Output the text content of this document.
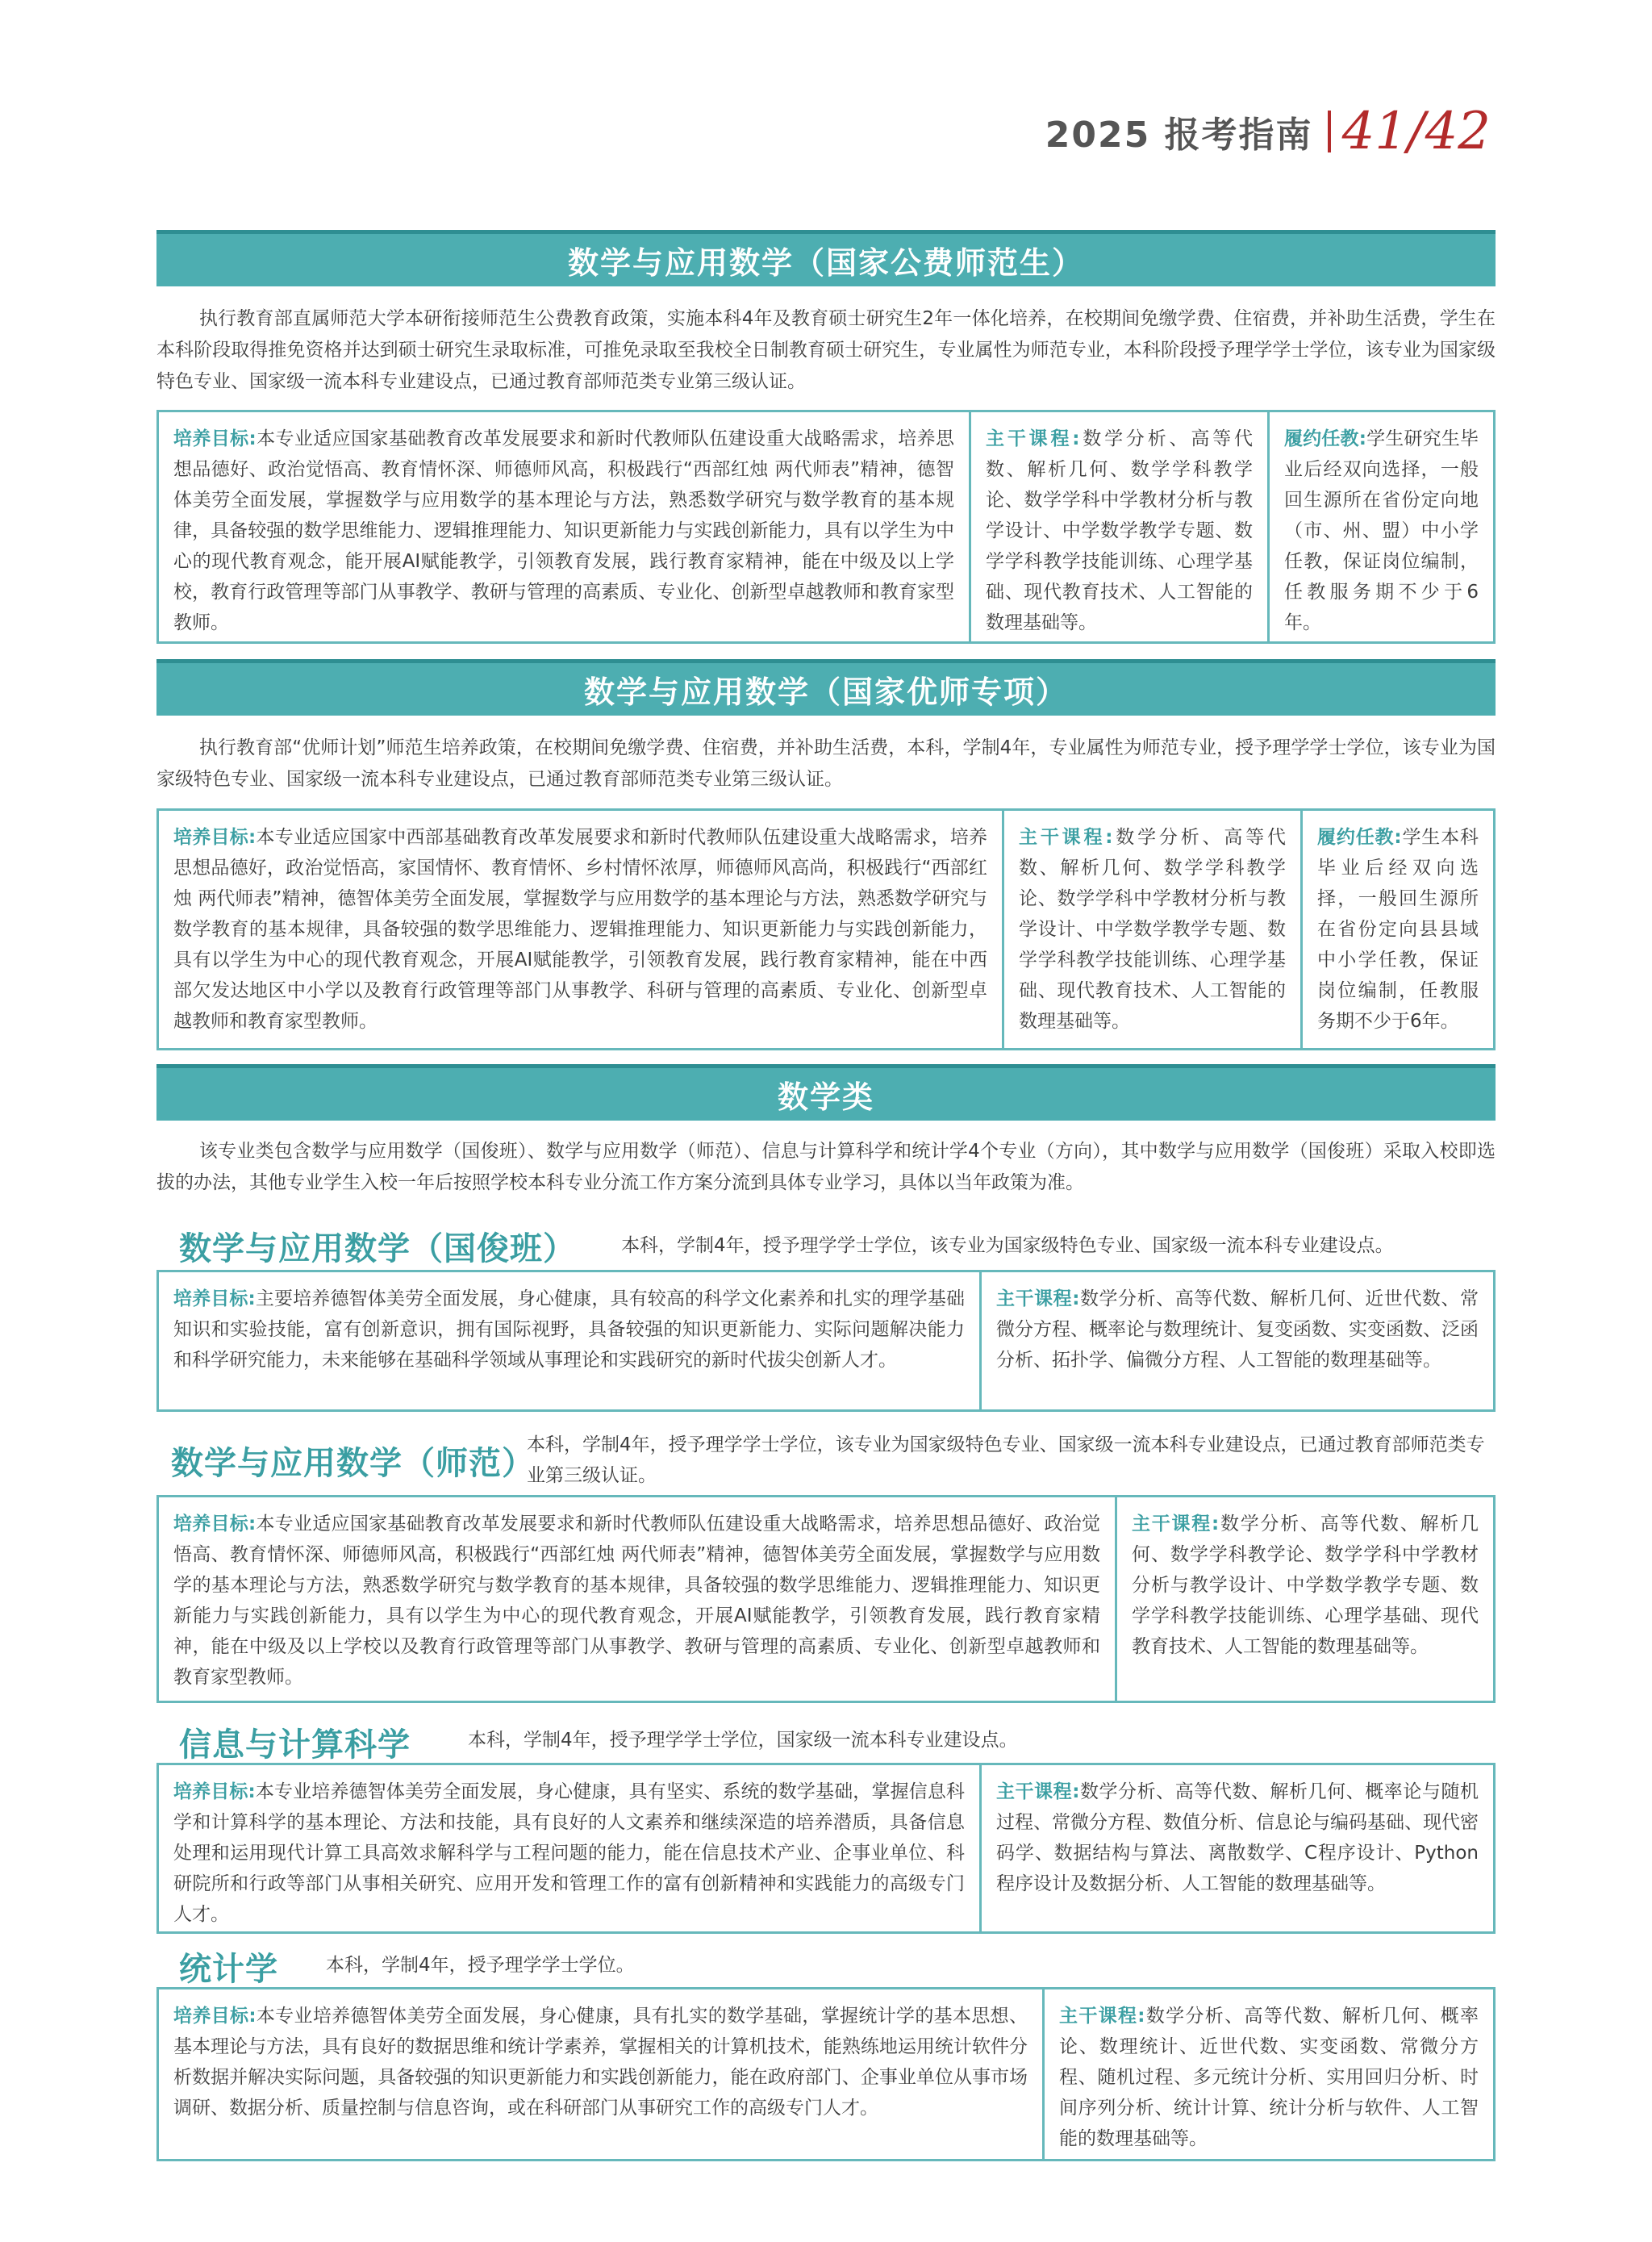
2025 报考指南 41/42
数学与应用数学（国家公费师范生）
执行教育部直属师范大学本研衔接师范生公费教育政策，实施本科4年及教育硕士研究生2年一体化培养，在校期间免缴学费、住宿费，并补助生活费，学生在本科阶段取得推免资格并达到硕士研究生录取标准，可推免录取至我校全日制教育硕士研究生，专业属性为师范专业，本科阶段授予理学学士学位，该专业为国家级特色专业、国家级一流本科专业建设点，已通过教育部师范类专业第三级认证。
培养目标:本专业适应国家基础教育改革发展要求和新时代教师队伍建设重大战略需求，培养思想品德好、政治觉悟高、教育情怀深、师德师风高，积极践行“西部红烛 两代师表”精神，德智体美劳全面发展，掌握数学与应用数学的基本理论与方法，熟悉数学研究与数学教育的基本规律，具备较强的数学思维能力、逻辑推理能力、知识更新能力与实践创新能力，具有以学生为中心的现代教育观念，能开展AI赋能教学，引领教育发展，践行教育家精神，能在中级及以上学校，教育行政管理等部门从事教学、教研与管理的高素质、专业化、创新型卓越教师和教育家型教师。
主干课程:数学分析、高等代数、解析几何、数学学科教学论、数学学科中学教材分析与教学设计、中学数学教学专题、数学学科教学技能训练、心理学基础、现代教育技术、人工智能的数理基础等。
履约任教:学生研究生毕业后经双向选择，一般回生源所在省份定向地（市、州、盟）中小学任教，保证岗位编制，任教服务期不少于6年。
数学与应用数学（国家优师专项）
执行教育部“优师计划”师范生培养政策，在校期间免缴学费、住宿费，并补助生活费，本科，学制4年，专业属性为师范专业，授予理学学士学位，该专业为国家级特色专业、国家级一流本科专业建设点，已通过教育部师范类专业第三级认证。
培养目标:本专业适应国家中西部基础教育改革发展要求和新时代教师队伍建设重大战略需求，培养思想品德好，政治觉悟高，家国情怀、教育情怀、乡村情怀浓厚，师德师风高尚，积极践行“西部红烛 两代师表”精神，德智体美劳全面发展，掌握数学与应用数学的基本理论与方法，熟悉数学研究与数学教育的基本规律，具备较强的数学思维能力、逻辑推理能力、知识更新能力与实践创新能力，具有以学生为中心的现代教育观念，开展AI赋能教学，引领教育发展，践行教育家精神，能在中西部欠发达地区中小学以及教育行政管理等部门从事教学、科研与管理的高素质、专业化、创新型卓越教师和教育家型教师。
主干课程:数学分析、高等代数、解析几何、数学学科教学论、数学学科中学教材分析与教学设计、中学数学教学专题、数学学科教学技能训练、心理学基础、现代教育技术、人工智能的数理基础等。
履约任教:学生本科毕业后经双向选择，一般回生源所在省份定向县县域中小学任教，保证岗位编制，任教服务期不少于6年。
数学类
该专业类包含数学与应用数学（国俊班）、数学与应用数学（师范）、信息与计算科学和统计学4个专业（方向），其中数学与应用数学（国俊班）采取入校即选拔的办法，其他专业学生入校一年后按照学校本科专业分流工作方案分流到具体专业学习，具体以当年政策为准。
数学与应用数学（国俊班） 本科，学制4年，授予理学学士学位，该专业为国家级特色专业、国家级一流本科专业建设点。
培养目标:主要培养德智体美劳全面发展，身心健康，具有较高的科学文化素养和扎实的理学基础知识和实验技能，富有创新意识，拥有国际视野，具备较强的知识更新能力、实际问题解决能力和科学研究能力，未来能够在基础科学领域从事理论和实践研究的新时代拔尖创新人才。
主干课程:数学分析、高等代数、解析几何、近世代数、常微分方程、概率论与数理统计、复变函数、实变函数、泛函分析、拓扑学、偏微分方程、人工智能的数理基础等。
数学与应用数学（师范）
本科，学制4年，授予理学学士学位，该专业为国家级特色专业、国家级一流本科专业建设点，已通过教育部师范类专业第三级认证。
培养目标:本专业适应国家基础教育改革发展要求和新时代教师队伍建设重大战略需求，培养思想品德好、政治觉悟高、教育情怀深、师德师风高，积极践行“西部红烛 两代师表”精神，德智体美劳全面发展，掌握数学与应用数学的基本理论与方法，熟悉数学研究与数学教育的基本规律，具备较强的数学思维能力、逻辑推理能力、知识更新能力与实践创新能力，具有以学生为中心的现代教育观念，开展AI赋能教学，引领教育发展，践行教育家精神，能在中级及以上学校以及教育行政管理等部门从事教学、教研与管理的高素质、专业化、创新型卓越教师和教育家型教师。
主干课程:数学分析、高等代数、解析几何、数学学科教学论、数学学科中学教材分析与教学设计、中学数学教学专题、数学学科教学技能训练、心理学基础、现代教育技术、人工智能的数理基础等。
信息与计算科学	本科，学制4年，授予理学学士学位，国家级一流本科专业建设点。
培养目标:本专业培养德智体美劳全面发展，身心健康，具有坚实、系统的数学基础，掌握信息科学和计算科学的基本理论、方法和技能，具有良好的人文素养和继续深造的培养潜质，具备信息处理和运用现代计算工具高效求解科学与工程问题的能力，能在信息技术产业、企事业单位、科研院所和行政等部门从事相关研究、应用开发和管理工作的富有创新精神和实践能力的高级专门人才。
主干课程:数学分析、高等代数、解析几何、概率论与随机过程、常微分方程、数值分析、信息论与编码基础、现代密码学、数据结构与算法、离散数学、C程序设计、Python程序设计及数据分析、人工智能的数理基础等。
统计学	本科，学制4年，授予理学学士学位。
培养目标:本专业培养德智体美劳全面发展，身心健康，具有扎实的数学基础，掌握统计学的基本思想、基本理论与方法，具有良好的数据思维和统计学素养，掌握相关的计算机技术，能熟练地运用统计软件分析数据并解决实际问题，具备较强的知识更新能力和实践创新能力，能在政府部门、企事业单位从事市场调研、数据分析、质量控制与信息咨询，或在科研部门从事研究工作的高级专门人才。
主干课程:数学分析、高等代数、解析几何、概率论、数理统计、近世代数、实变函数、常微分方程、随机过程、多元统计分析、实用回归分析、时间序列分析、统计计算、统计分析与软件、人工智能的数理基础等。
